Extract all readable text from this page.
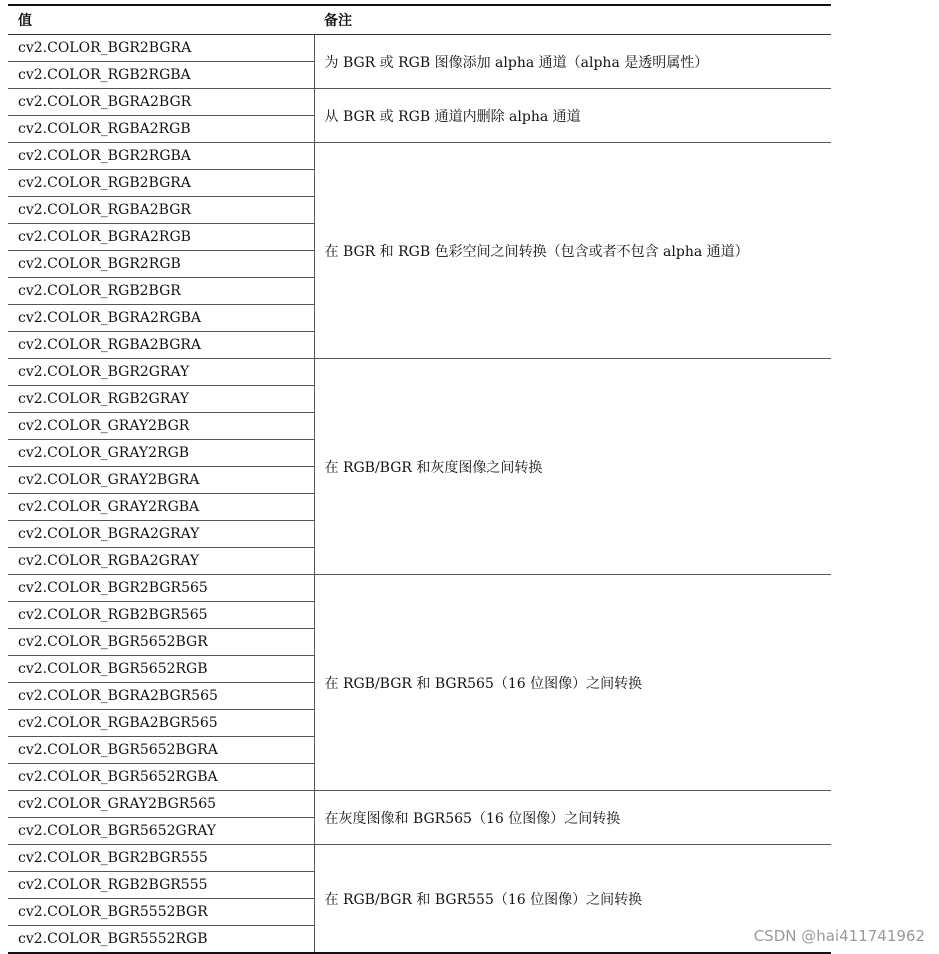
值	备注
cv2.COLOR_BGR2BGRA	为 BGR 或 RGB 图像添加 alpha 通道（alpha 是透明属性）
cv2.COLOR_RGB2RGBA	
cv2.COLOR_BGRA2BGR	从 BGR 或 RGB 通道内删除 alpha 通道
cv2.COLOR_RGBA2RGB	
cv2.COLOR_BGR2RGBA	在 BGR 和 RGB 色彩空间之间转换（包含或者不包含 alpha 通道）
cv2.COLOR_RGB2BGRA	
cv2.COLOR_RGBA2BGR	
cv2.COLOR_BGRA2RGB	
cv2.COLOR_BGR2RGB	
cv2.COLOR_RGB2BGR	
cv2.COLOR_BGRA2RGBA	
cv2.COLOR_RGBA2BGRA	
cv2.COLOR_BGR2GRAY	在 RGB/BGR 和灰度图像之间转换
cv2.COLOR_RGB2GRAY	
cv2.COLOR_GRAY2BGR	
cv2.COLOR_GRAY2RGB	
cv2.COLOR_GRAY2BGRA	
cv2.COLOR_GRAY2RGBA	
cv2.COLOR_BGRA2GRAY	
cv2.COLOR_RGBA2GRAY	
cv2.COLOR_BGR2BGR565	在 RGB/BGR 和 BGR565（16 位图像）之间转换
cv2.COLOR_RGB2BGR565	
cv2.COLOR_BGR5652BGR	
cv2.COLOR_BGR5652RGB	
cv2.COLOR_BGRA2BGR565	
cv2.COLOR_RGBA2BGR565	
cv2.COLOR_BGR5652BGRA	
cv2.COLOR_BGR5652RGBA	
cv2.COLOR_GRAY2BGR565	在灰度图像和 BGR565（16 位图像）之间转换
cv2.COLOR_BGR5652GRAY	
cv2.COLOR_BGR2BGR555	在 RGB/BGR 和 BGR555（16 位图像）之间转换
cv2.COLOR_RGB2BGR555	
cv2.COLOR_BGR5552BGR	
cv2.COLOR_BGR5552RGB		CSDN @hai411741962
